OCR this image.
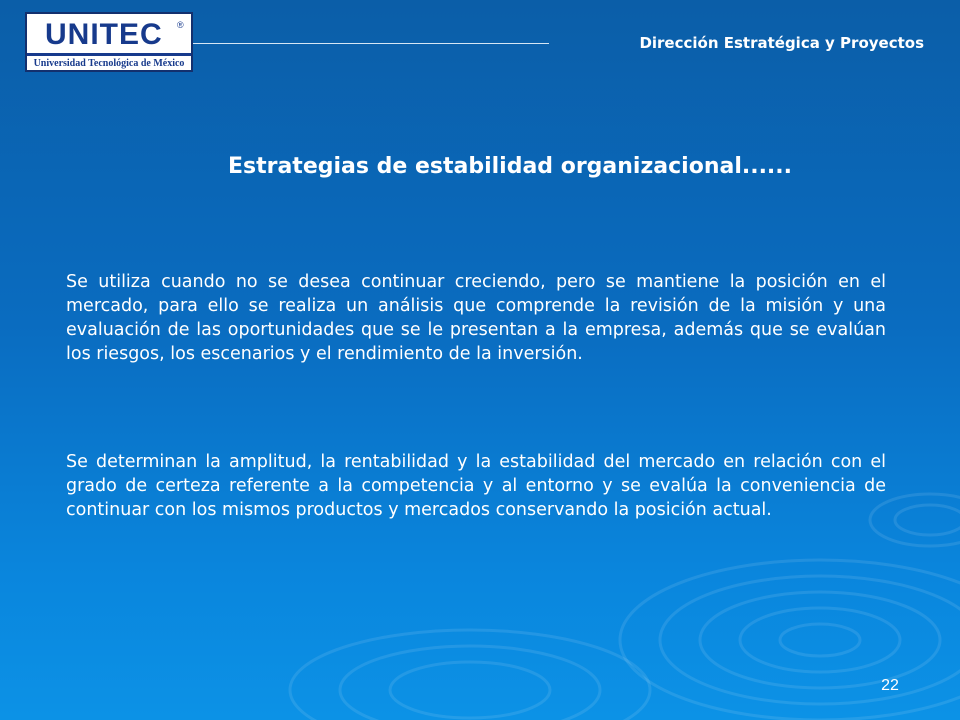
UNITEC ®
Universidad Tecnológica de México
Dirección Estratégica y Proyectos
Estrategias de estabilidad organizacional......
Se utiliza cuando no se desea continuar creciendo, pero se mantiene la posición en el mercado, para ello se realiza un análisis que comprende la revisión de la misión y una evaluación de las oportunidades que se le presentan a la empresa, además que se evalúan los riesgos, los escenarios y el rendimiento de la inversión.
Se determinan la amplitud, la rentabilidad y la estabilidad del mercado en relación con el grado de certeza referente a la competencia y al entorno y se evalúa la conveniencia de continuar con los mismos productos y mercados conservando la posición actual.
22
